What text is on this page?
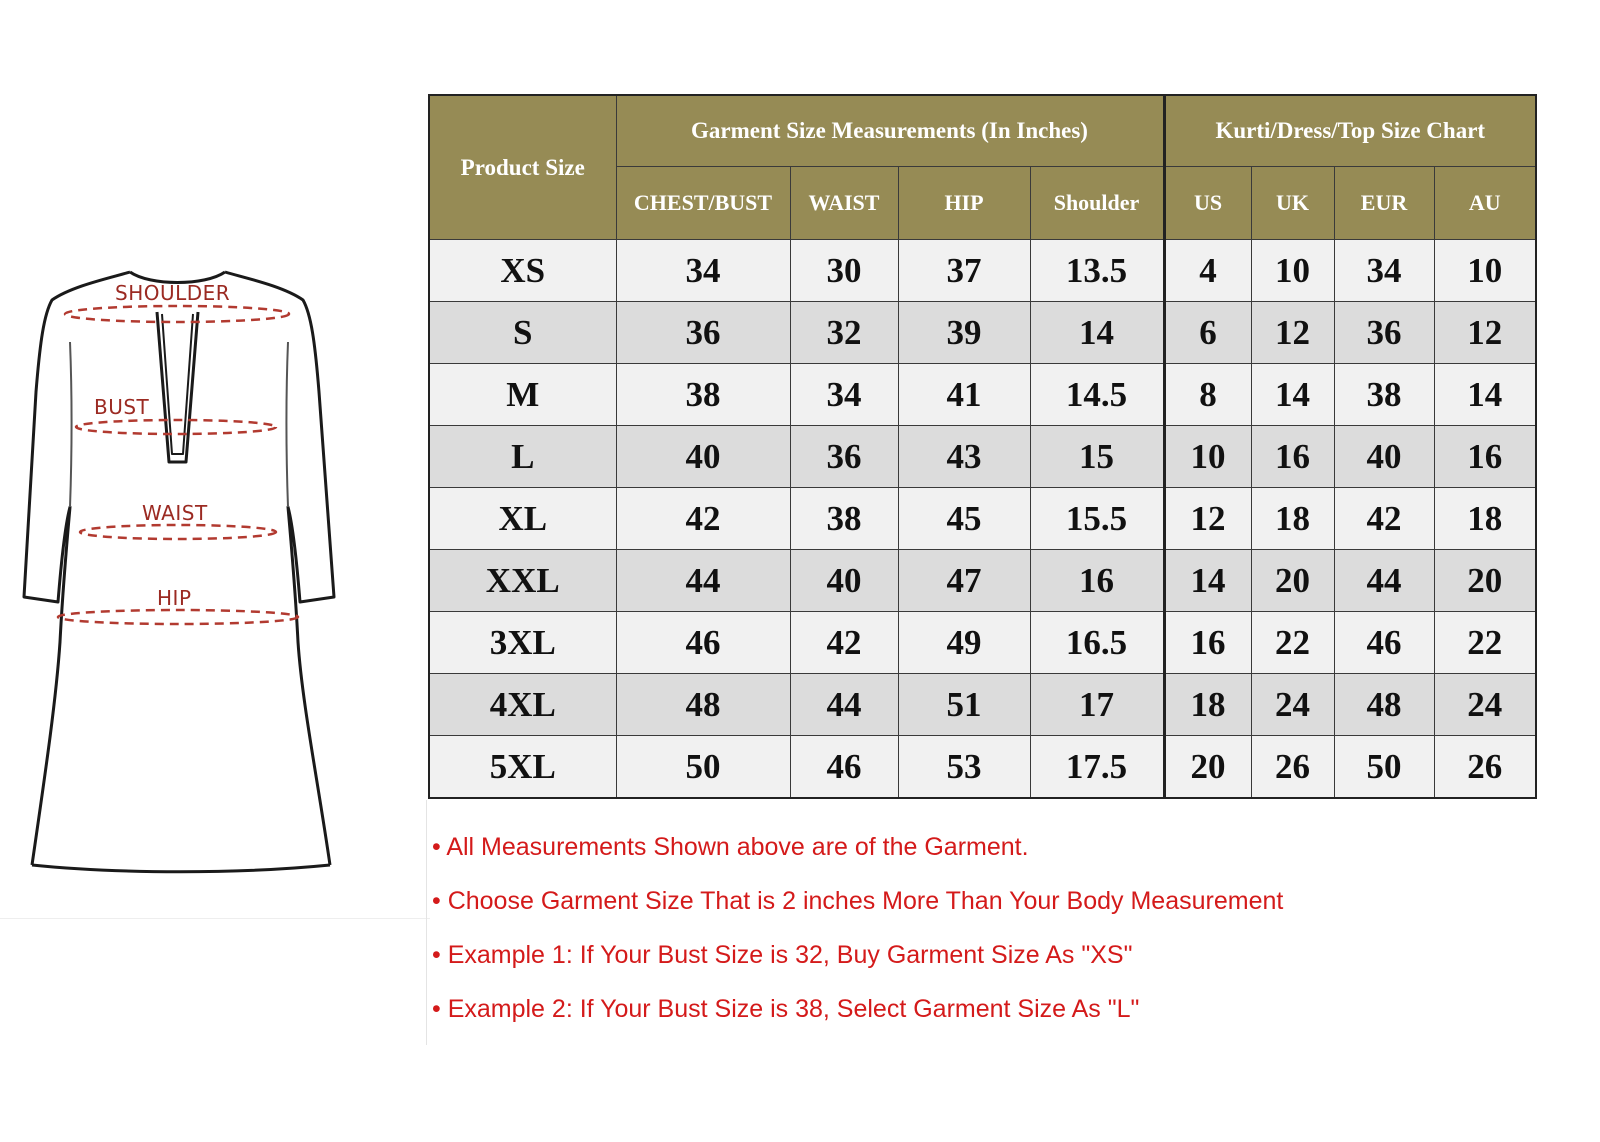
SHOULDER
BUST
WAIST
HIP
Product Size	Garment Size Measurements (In Inches)				Kurti/Dress/Top Size Chart			
	CHEST/BUST	WAIST	HIP	Shoulder	US	UK	EUR	AU
XS	34	30	37	13.5	4	10	34	10
S	36	32	39	14	6	12	36	12
M	38	34	41	14.5	8	14	38	14
L	40	36	43	15	10	16	40	16
XL	42	38	45	15.5	12	18	42	18
XXL	44	40	47	16	14	20	44	20
3XL	46	42	49	16.5	16	22	46	22
4XL	48	44	51	17	18	24	48	24
5XL	50	46	53	17.5	20	26	50	26
• All Measurements Shown above are of the Garment.
• Choose Garment Size That is 2 inches More Than Your Body Measurement
• Example 1: If Your Bust Size is 32, Buy Garment Size As "XS"
• Example 2: If Your Bust Size is 38, Select Garment Size As "L"
